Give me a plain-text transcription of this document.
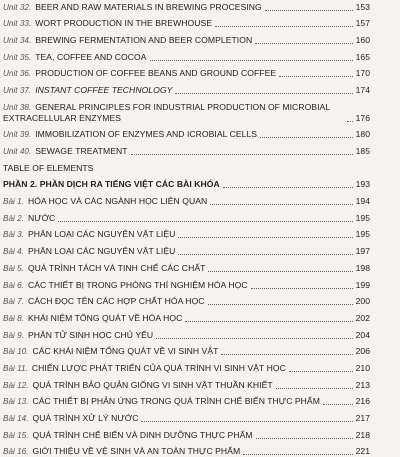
Unit 32. BEER AND RAW MATERIALS IN BREWING PROCESING	153
Unit 33. WORT PRODUCTION IN THE BREWHOUSE	157
Unit 34. BREWING FERMENTATION AND BEER COMPLETION	160
Unit 35. TEA, COFFEE AND COCOA	165
Unit 36. PRODUCTION OF COFFEE BEANS AND GROUND COFFEE	170
Unit 37. INSTANT COFFEE TECHNOLOGY	174
Unit 38. GENERAL PRINCIPLES FOR INDUSTRIAL PRODUCTION OF MICROBIAL EXTRACELLULAR ENZYMES	176
Unit 39. IMMOBILIZATION OF ENZYMES AND ICROBIAL CELLS	180
Unit 40. SEWAGE TREATMENT	185
TABLE OF ELEMENTS
PHẦN 2. PHẦN DỊCH RA TIẾNG VIỆT CÁC BÀI KHÓA	193
Bài 1. HÓA HỌC VÀ CÁC NGÀNH HỌC LIÊN QUAN	194
Bài 2. NƯỚC	195
Bài 3. PHÂN LOẠI CÁC NGUYÊN VẬT LIỆU	195
Bài 4. PHÂN LOẠI CÁC NGUYÊN VẬT LIỆU	197
Bài 5. QUÁ TRÌNH TÁCH VÀ TINH CHẾ CÁC CHẤT	198
Bài 6. CÁC THIẾT BỊ TRONG PHÒNG THÍ NGHIỆM HÓA HỌC	199
Bài 7. CÁCH ĐỌC TÊN CÁC HỢP CHẤT HÓA HỌC	200
Bài 8. KHÁI NIỆM TỔNG QUÁT VỀ HÓA HỌC	202
Bài 9. PHÂN TỬ SINH HỌC CHỦ YẾU	204
Bài 10. CÁC KHÁI NIỆM TỔNG QUÁT VỀ VI SINH VẬT	206
Bài 11. CHIẾN LƯỢC PHÁT TRIỂN CỦA QUÁ TRÌNH VI SINH VẬT HỌC	210
Bài 12. QUÁ TRÌNH BẢO QUẢN GIỐNG VI SINH VẬT THUẦN KHIẾT	213
Bài 13. CÁC THIẾT BỊ PHẢN ỨNG TRONG QUÁ TRÌNH CHẾ BIẾN THỰC PHẨM	216
Bài 14. QUÁ TRÌNH XỬ LÝ NƯỚC	217
Bài 15. QUÁ TRÌNH CHẾ BIẾN VÀ DINH DƯỠNG THỰC PHẨM	218
Bài 16. GIỚI THIỆU VỀ VỆ SINH VÀ AN TOÀN THỰC PHẨM	221
